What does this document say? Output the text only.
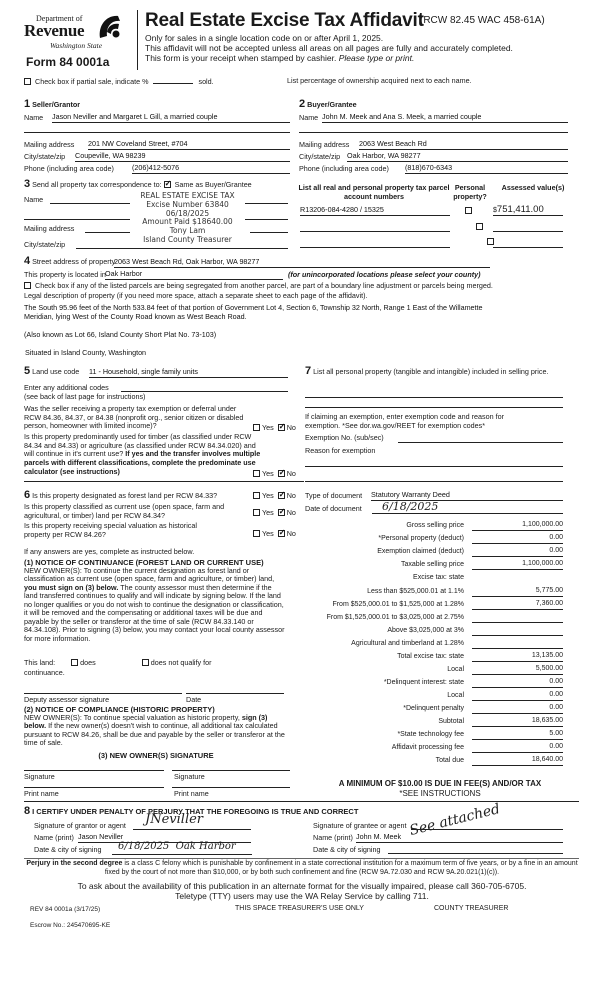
Department of
Revenue
Washington State
Form 84 0001a
Real Estate Excise Tax Affidavit
(RCW 82.45 WAC 458-61A)
Only for sales in a single location code on or after April 1, 2025.
This affidavit will not be accepted unless all areas on all pages are fully and accurately completed.
This form is your receipt when stamped by cashier. Please type or print.
Check box if partial sale, indicate %	sold.	List percentage of ownership acquired next to each name.
1 Seller/Grantor
Name Jason Neviller and Margaret L Gill, a married couple
Mailing address 201 NW Coveland Street, #704
City/state/zip Coupeville, WA 98239
Phone (including area code)	(206)412-5076
2 Buyer/Grantee
Name John M. Meek and Ana S. Meek, a married couple
Mailing address 2063 West Beach Rd
City/state/zip Oak Harbor, WA 98277
Phone (including area code) (818)670-6343
3 Send all property tax correspondence to: ✓ Same as Buyer/Grantee
Name
Mailing address
City/state/zip
REAL ESTATE EXCISE TAX
Excise Number 63840
06/18/2025
Amount Paid $18640.00
Tony Lam
Island County Treasurer
List all real and personal property tax parcel account numbers
Personal property?
Assessed value(s)
R13206-084-4280 / 15325
	$751,411.00

4 Street address of property
2063 West Beach Rd, Oak Harbor, WA 98277
This property is located in Oak Harbor	(for unincorporated locations please select your county)
Check box if any of the listed parcels are being segregated from another parcel, are part of a boundary line adjustment or parcels being merged.
Legal description of property (if you need more space, attach a separate sheet to each page of the affidavit).
The South 95.96 feet of the North 533.84 feet of that portion of Government Lot 4, Section 6, Township 32 North, Range 1 East of the Willamette
Meridian, lying West of the County Road known as West Beach Road.
(Also known as Lot 66, Island County Short Plat No. 73-103)
Situated in Island County, Washington
5 Land use code 11 - Household, single family units
Enter any additional codes
(see back of last page for instructions)
Was the seller receiving a property tax exemption or deferral under RCW 84.36, 84.37, or 84.38 (nonprofit org., senior citizen or disabled person, homeowner with limited income)?	Yes ✓ No
Is this property predominantly used for timber (as classified under RCW 84.34 and 84.33) or agriculture (as classified under RCW 84.34.020) and will continue in it's current use? If yes and the transfer involves multiple parcels with different classifications, complete the predominate use calculator (see instructions)	Yes ✓ No
7 List all personal property (tangible and intangible) included in selling price.
If claiming an exemption, enter exemption code and reason for exemption. *See dor.wa.gov/REET for exemption codes*
Exemption No. (sub/sec)
Reason for exemption
6 Is this property designated as forest land per RCW 84.33?	Yes ✓ No
Is this property classified as current use (open space, farm and agricultural, or timber) land per RCW 84.34?	Yes ✓ No
Is this property receiving special valuation as historical property per RCW 84.26?	Yes ✓ No
If any answers are yes, complete as instructed below.
(1) NOTICE OF CONTINUANCE (FOREST LAND OR CURRENT USE)
NEW OWNER(S): To continue the current designation as forest land or classification as current use (open space, farm and agriculture, or timber) land, you must sign on (3) below. The county assessor must then determine if the land transferred continues to qualify and will indicate by signing below. If the land no longer qualifies or you do not wish to continue the designation or classification, it will be removed and the compensating or additional taxes will be due and payable by the seller or transferor at the time of sale (RCW 84.33.140 or 84.34.108). Prior to signing (3) below, you may contact your local county assessor for more information.
This land:	does	does not qualify for
continuance.
Deputy assessor signature	Date
(2) NOTICE OF COMPLIANCE (HISTORIC PROPERTY)
NEW OWNER(S): To continue special valuation as historic property, sign (3) below. If the new owner(s) doesn't wish to continue, all additional tax calculated pursuant to RCW 84.26, shall be due and payable by the seller or transferor at the time of sale.
(3) NEW OWNER(S) SIGNATURE
Signature	Signature
Print name	Print name
Type of document Statutory Warranty Deed
Date of document	6/18/2025
Gross selling price	1,100,000.00
*Personal property (deduct)	0.00
Exemption claimed (deduct)	0.00
Taxable selling price	1,100,000.00
Excise tax: state
Less than $525,000.01 at 1.1%	5,775.00
From $525,000.01 to $1,525,000 at 1.28%	7,360.00
From $1,525,000.01 to $3,025,000 at 2.75%
Above $3,025,000 at 3%
Agricultural and timberland at 1.28%
Total excise tax: state	13,135.00
Local	5,500.00
*Delinquent interest: state	0.00
Local	0.00
*Delinquent penalty	0.00
Subtotal	18,635.00
*State technology fee	5.00
Affidavit processing fee	0.00
Total due	18,640.00
A MINIMUM OF $10.00 IS DUE IN FEE(S) AND/OR TAX
*SEE INSTRUCTIONS
8 I CERTIFY UNDER PENALTY OF PERJURY THAT THE FOREGOING IS TRUE AND CORRECT
Signature of grantor or agent	JNeviller
Name (print) Jason Neviller
Date & city of signing	6/18/2025  Oak Harbor
Signature of grantee or agent
Name (print) John M. Meek
Date & city of signing
See attached
Perjury in the second degree is a class C felony which is punishable by confinement in a state correctional institution for a maximum term of five years, or by a fine in an amount fixed by the court of not more than $10,000, or by both such confinement and fine (RCW 9A.72.030 and RCW 9A.20.021(1)(c)).
To ask about the availability of this publication in an alternate format for the visually impaired, please call 360-705-6705. Teletype (TTY) users may use the WA Relay Service by calling 711.
REV 84 0001a (3/17/25)	THIS SPACE TREASURER'S USE ONLY	COUNTY TREASURER
Escrow No.: 245470695-KE
